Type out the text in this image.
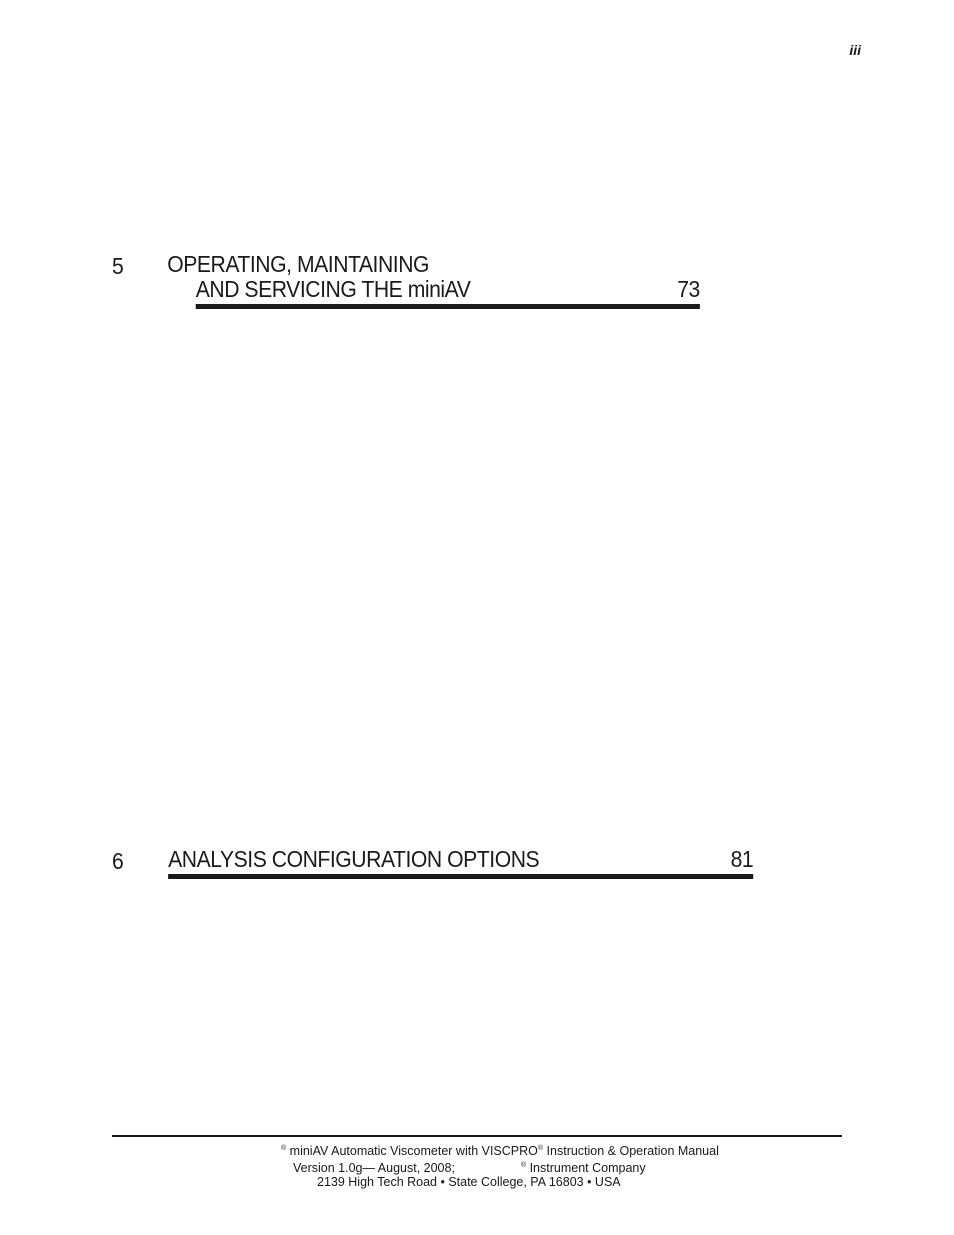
iii
5 OPERATING, MAINTAINING
AND SERVICING THE miniAV	73
6 ANALYSIS CONFIGURATION OPTIONS	81
® miniAV Automatic Viscometer with VISCPRO® Instruction & Operation Manual
Version 1.0g— August, 2008;	® Instrument Company
2139 High Tech Road • State College, PA 16803 • USA
